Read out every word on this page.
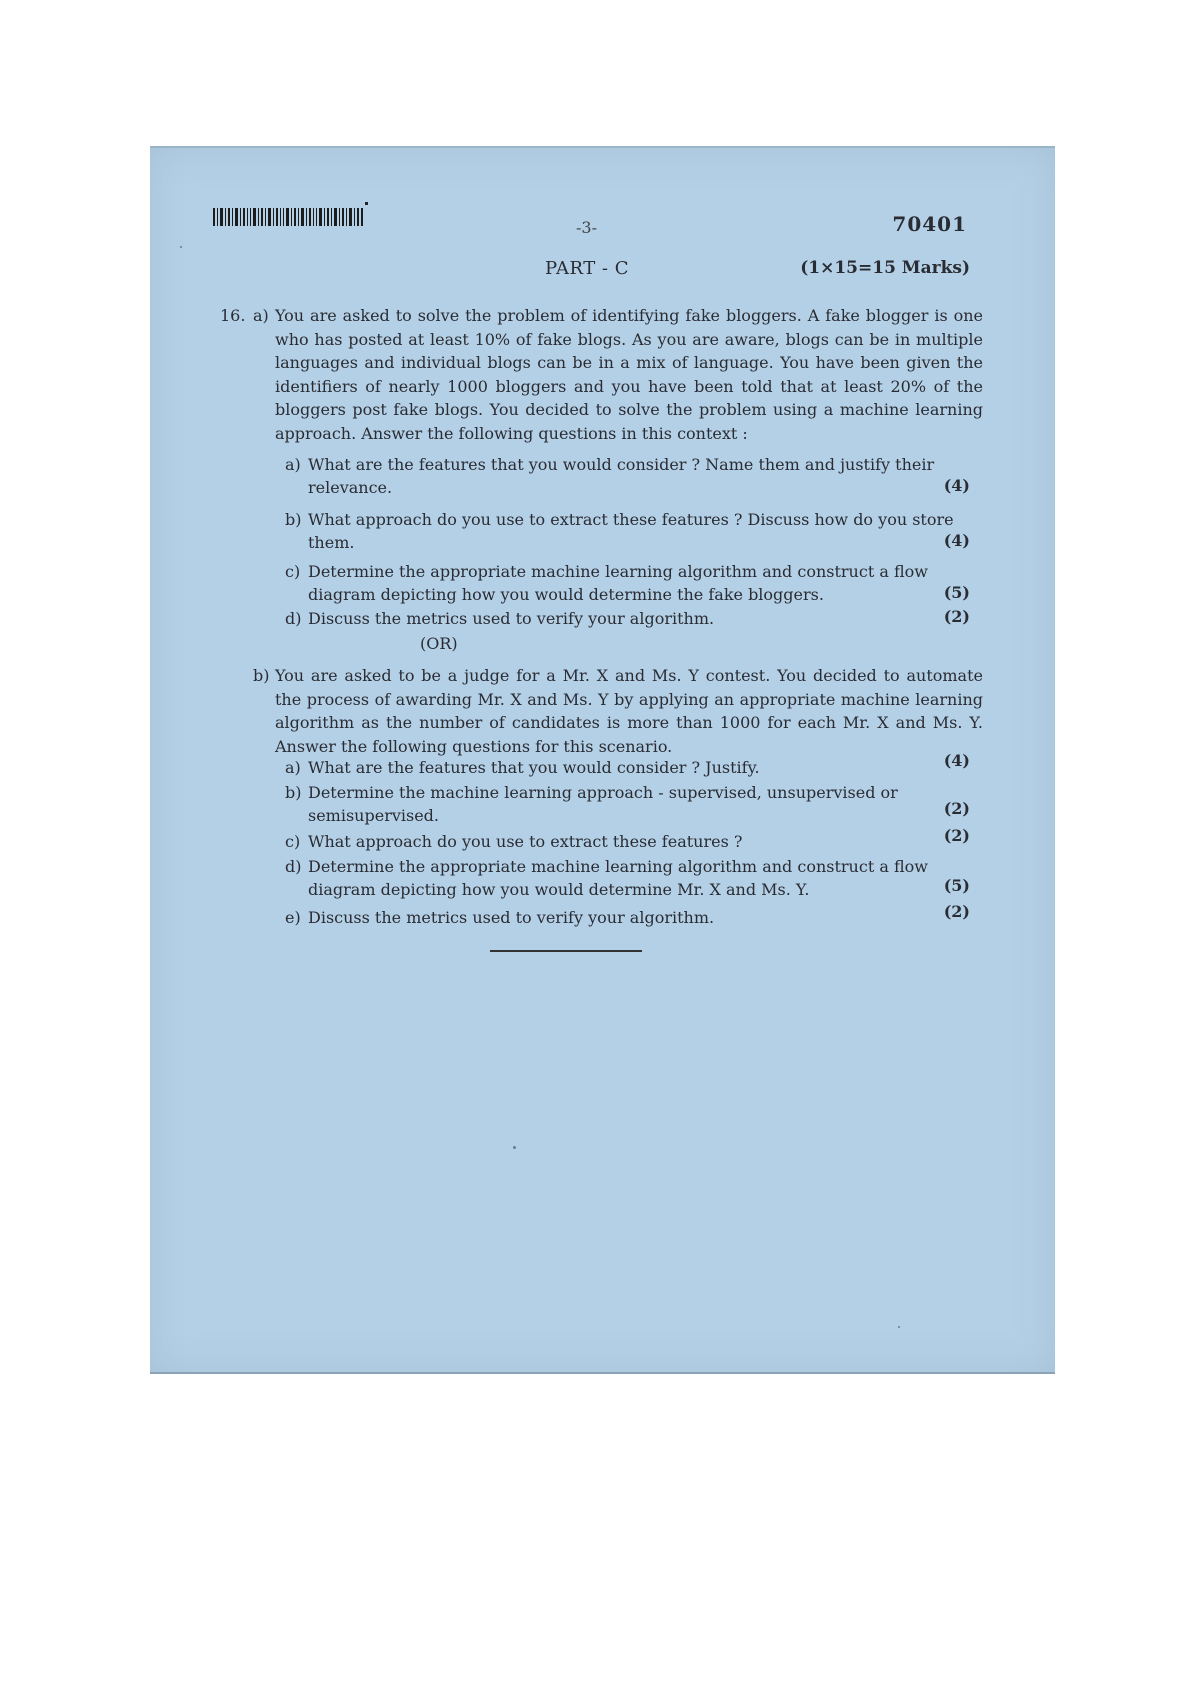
-3-	70401
PART - C	(1×15=15 Marks)
16. a) You are asked to solve the problem of identifying fake bloggers. A fake blogger is one who has posted at least 10% of fake blogs. As you are aware, blogs can be in multiple languages and individual blogs can be in a mix of language. You have been given the identifiers of nearly 1000 bloggers and you have been told that at least 20% of the bloggers post fake blogs. You decided to solve the problem using a machine learning approach. Answer the following questions in this context :
a) What are the features that you would consider ? Name them and justify their relevance.	(4)
b) What approach do you use to extract these features ? Discuss how do you store them.	(4)
c) Determine the appropriate machine learning algorithm and construct a flow diagram depicting how you would determine the fake bloggers.	(5)
d) Discuss the metrics used to verify your algorithm.	(2)
(OR)
b) You are asked to be a judge for a Mr. X and Ms. Y contest. You decided to automate the process of awarding Mr. X and Ms. Y by applying an appropriate machine learning algorithm as the number of candidates is more than 1000 for each Mr. X and Ms. Y. Answer the following questions for this scenario.
a) What are the features that you would consider ? Justify.	(4)
b) Determine the machine learning approach - supervised, unsupervised or semisupervised.	(2)
c) What approach do you use to extract these features ?	(2)
d) Determine the appropriate machine learning algorithm and construct a flow diagram depicting how you would determine Mr. X and Ms. Y.	(5)
e) Discuss the metrics used to verify your algorithm.	(2)
